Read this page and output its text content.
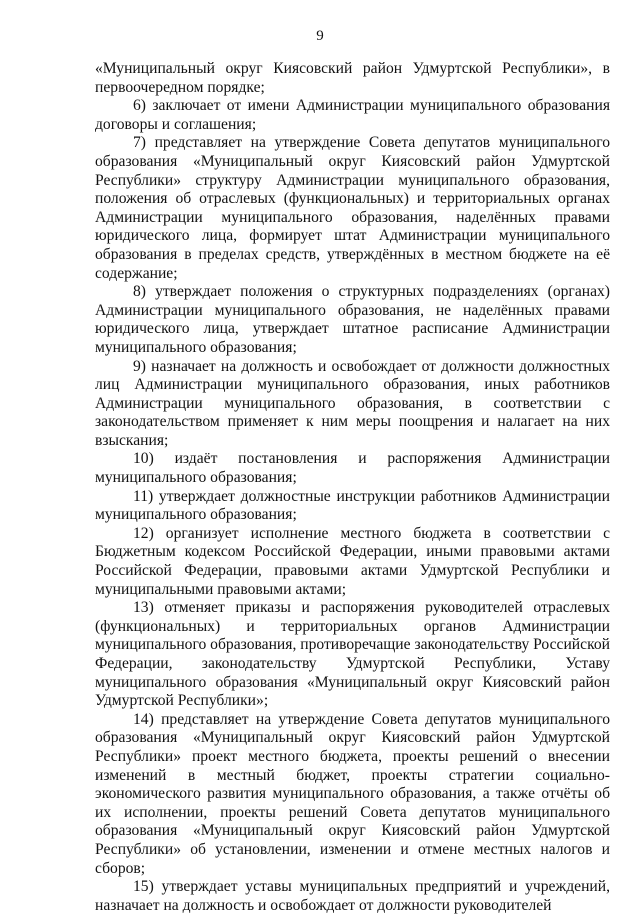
9

«Муниципальный округ Киясовский район Удмуртской Республики», в первоочередном порядке;

6) заключает от имени Администрации муниципального образования договоры и соглашения;

7) представляет на утверждение Совета депутатов муниципального образования «Муниципальный округ Киясовский район Удмуртской Республики» структуру Администрации муниципального образования, положения об отраслевых (функциональных) и территориальных органах Администрации муниципального образования, наделённых правами юридического лица, формирует штат Администрации муниципального образования в пределах средств, утверждённых в местном бюджете на её содержание;

8) утверждает положения о структурных подразделениях (органах) Администрации муниципального образования, не наделённых правами юридического лица, утверждает штатное расписание Администрации муниципального образования;

9) назначает на должность и освобождает от должности должностных лиц Администрации муниципального образования, иных работников Администрации муниципального образования, в соответствии с законодательством применяет к ним меры поощрения и налагает на них взыскания;

10) издаёт постановления и распоряжения Администрации муниципального образования;

11) утверждает должностные инструкции работников Администрации муниципального образования;

12) организует исполнение местного бюджета в соответствии с Бюджетным кодексом Российской Федерации, иными правовыми актами Российской Федерации, правовыми актами Удмуртской Республики и муниципальными правовыми актами;

13) отменяет приказы и распоряжения руководителей отраслевых (функциональных) и территориальных органов Администрации муниципального образования, противоречащие законодательству Российской Федерации, законодательству Удмуртской Республики, Уставу муниципального образования «Муниципальный округ Киясовский район Удмуртской Республики»;

14) представляет на утверждение Совета депутатов муниципального образования «Муниципальный округ Киясовский район Удмуртской Республики» проект местного бюджета, проекты решений о внесении изменений в местный бюджет, проекты стратегии социально-экономического развития муниципального образования, а также отчёты об их исполнении, проекты решений Совета депутатов муниципального образования «Муниципальный округ Киясовский район Удмуртской Республики» об установлении, изменении и отмене местных налогов и сборов;

15) утверждает уставы муниципальных предприятий и учреждений, назначает на должность и освобождает от должности руководителей
